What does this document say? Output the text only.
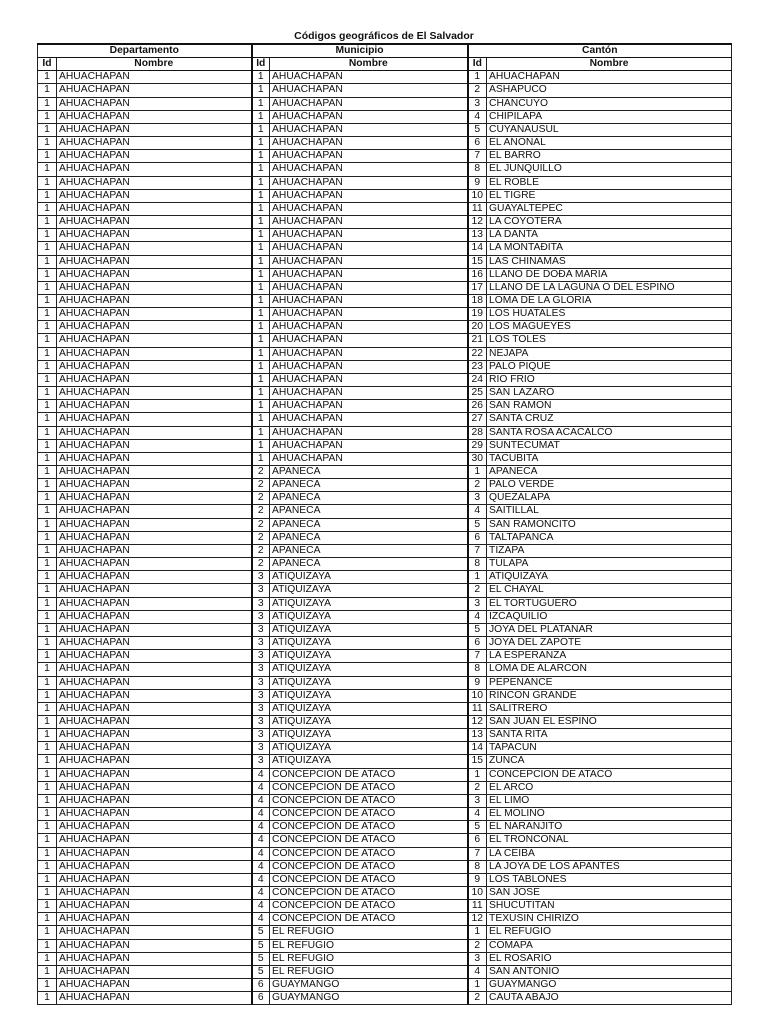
Códigos geográficos de El Salvador
Departamento		Municipio		Cantón	
Id	Nombre	Id	Nombre	Id	Nombre
1	AHUACHAPAN	1	AHUACHAPAN	1	AHUACHAPAN
1	AHUACHAPAN	1	AHUACHAPAN	2	ASHAPUCO
1	AHUACHAPAN	1	AHUACHAPAN	3	CHANCUYO
1	AHUACHAPAN	1	AHUACHAPAN	4	CHIPILAPA
1	AHUACHAPAN	1	AHUACHAPAN	5	CUYANAUSUL
1	AHUACHAPAN	1	AHUACHAPAN	6	EL ANONAL
1	AHUACHAPAN	1	AHUACHAPAN	7	EL BARRO
1	AHUACHAPAN	1	AHUACHAPAN	8	EL JUNQUILLO
1	AHUACHAPAN	1	AHUACHAPAN	9	EL ROBLE
1	AHUACHAPAN	1	AHUACHAPAN	10	EL TIGRE
1	AHUACHAPAN	1	AHUACHAPAN	11	GUAYALTEPEC
1	AHUACHAPAN	1	AHUACHAPAN	12	LA COYOTERA
1	AHUACHAPAN	1	AHUACHAPAN	13	LA DANTA
1	AHUACHAPAN	1	AHUACHAPAN	14	LA MONTAĐITA
1	AHUACHAPAN	1	AHUACHAPAN	15	LAS CHINAMAS
1	AHUACHAPAN	1	AHUACHAPAN	16	LLANO DE DOĐA MARIA
1	AHUACHAPAN	1	AHUACHAPAN	17	LLANO DE LA LAGUNA O DEL ESPINO
1	AHUACHAPAN	1	AHUACHAPAN	18	LOMA DE LA GLORIA
1	AHUACHAPAN	1	AHUACHAPAN	19	LOS HUATALES
1	AHUACHAPAN	1	AHUACHAPAN	20	LOS MAGUEYES
1	AHUACHAPAN	1	AHUACHAPAN	21	LOS TOLES
1	AHUACHAPAN	1	AHUACHAPAN	22	NEJAPA
1	AHUACHAPAN	1	AHUACHAPAN	23	PALO PIQUE
1	AHUACHAPAN	1	AHUACHAPAN	24	RIO FRIO
1	AHUACHAPAN	1	AHUACHAPAN	25	SAN LAZARO
1	AHUACHAPAN	1	AHUACHAPAN	26	SAN RAMON
1	AHUACHAPAN	1	AHUACHAPAN	27	SANTA CRUZ
1	AHUACHAPAN	1	AHUACHAPAN	28	SANTA ROSA ACACALCO
1	AHUACHAPAN	1	AHUACHAPAN	29	SUNTECUMAT
1	AHUACHAPAN	1	AHUACHAPAN	30	TACUBITA
1	AHUACHAPAN	2	APANECA	1	APANECA
1	AHUACHAPAN	2	APANECA	2	PALO VERDE
1	AHUACHAPAN	2	APANECA	3	QUEZALAPA
1	AHUACHAPAN	2	APANECA	4	SAITILLAL
1	AHUACHAPAN	2	APANECA	5	SAN RAMONCITO
1	AHUACHAPAN	2	APANECA	6	TALTAPANCA
1	AHUACHAPAN	2	APANECA	7	TIZAPA
1	AHUACHAPAN	2	APANECA	8	TULAPA
1	AHUACHAPAN	3	ATIQUIZAYA	1	ATIQUIZAYA
1	AHUACHAPAN	3	ATIQUIZAYA	2	EL CHAYAL
1	AHUACHAPAN	3	ATIQUIZAYA	3	EL TORTUGUERO
1	AHUACHAPAN	3	ATIQUIZAYA	4	IZCAQUILIO
1	AHUACHAPAN	3	ATIQUIZAYA	5	JOYA DEL PLATANAR
1	AHUACHAPAN	3	ATIQUIZAYA	6	JOYA DEL ZAPOTE
1	AHUACHAPAN	3	ATIQUIZAYA	7	LA ESPERANZA
1	AHUACHAPAN	3	ATIQUIZAYA	8	LOMA DE ALARCON
1	AHUACHAPAN	3	ATIQUIZAYA	9	PEPENANCE
1	AHUACHAPAN	3	ATIQUIZAYA	10	RINCON GRANDE
1	AHUACHAPAN	3	ATIQUIZAYA	11	SALITRERO
1	AHUACHAPAN	3	ATIQUIZAYA	12	SAN JUAN EL ESPINO
1	AHUACHAPAN	3	ATIQUIZAYA	13	SANTA RITA
1	AHUACHAPAN	3	ATIQUIZAYA	14	TAPACUN
1	AHUACHAPAN	3	ATIQUIZAYA	15	ZUNCA
1	AHUACHAPAN	4	CONCEPCION DE ATACO	1	CONCEPCION DE ATACO
1	AHUACHAPAN	4	CONCEPCION DE ATACO	2	EL ARCO
1	AHUACHAPAN	4	CONCEPCION DE ATACO	3	EL LIMO
1	AHUACHAPAN	4	CONCEPCION DE ATACO	4	EL MOLINO
1	AHUACHAPAN	4	CONCEPCION DE ATACO	5	EL NARANJITO
1	AHUACHAPAN	4	CONCEPCION DE ATACO	6	EL TRONCONAL
1	AHUACHAPAN	4	CONCEPCION DE ATACO	7	LA CEIBA
1	AHUACHAPAN	4	CONCEPCION DE ATACO	8	LA JOYA DE LOS APANTES
1	AHUACHAPAN	4	CONCEPCION DE ATACO	9	LOS TABLONES
1	AHUACHAPAN	4	CONCEPCION DE ATACO	10	SAN JOSE
1	AHUACHAPAN	4	CONCEPCION DE ATACO	11	SHUCUTITAN
1	AHUACHAPAN	4	CONCEPCION DE ATACO	12	TEXUSIN CHIRIZO
1	AHUACHAPAN	5	EL REFUGIO	1	EL REFUGIO
1	AHUACHAPAN	5	EL REFUGIO	2	COMAPA
1	AHUACHAPAN	5	EL REFUGIO	3	EL ROSARIO
1	AHUACHAPAN	5	EL REFUGIO	4	SAN ANTONIO
1	AHUACHAPAN	6	GUAYMANGO	1	GUAYMANGO
1	AHUACHAPAN	6	GUAYMANGO	2	CAUTA ABAJO
